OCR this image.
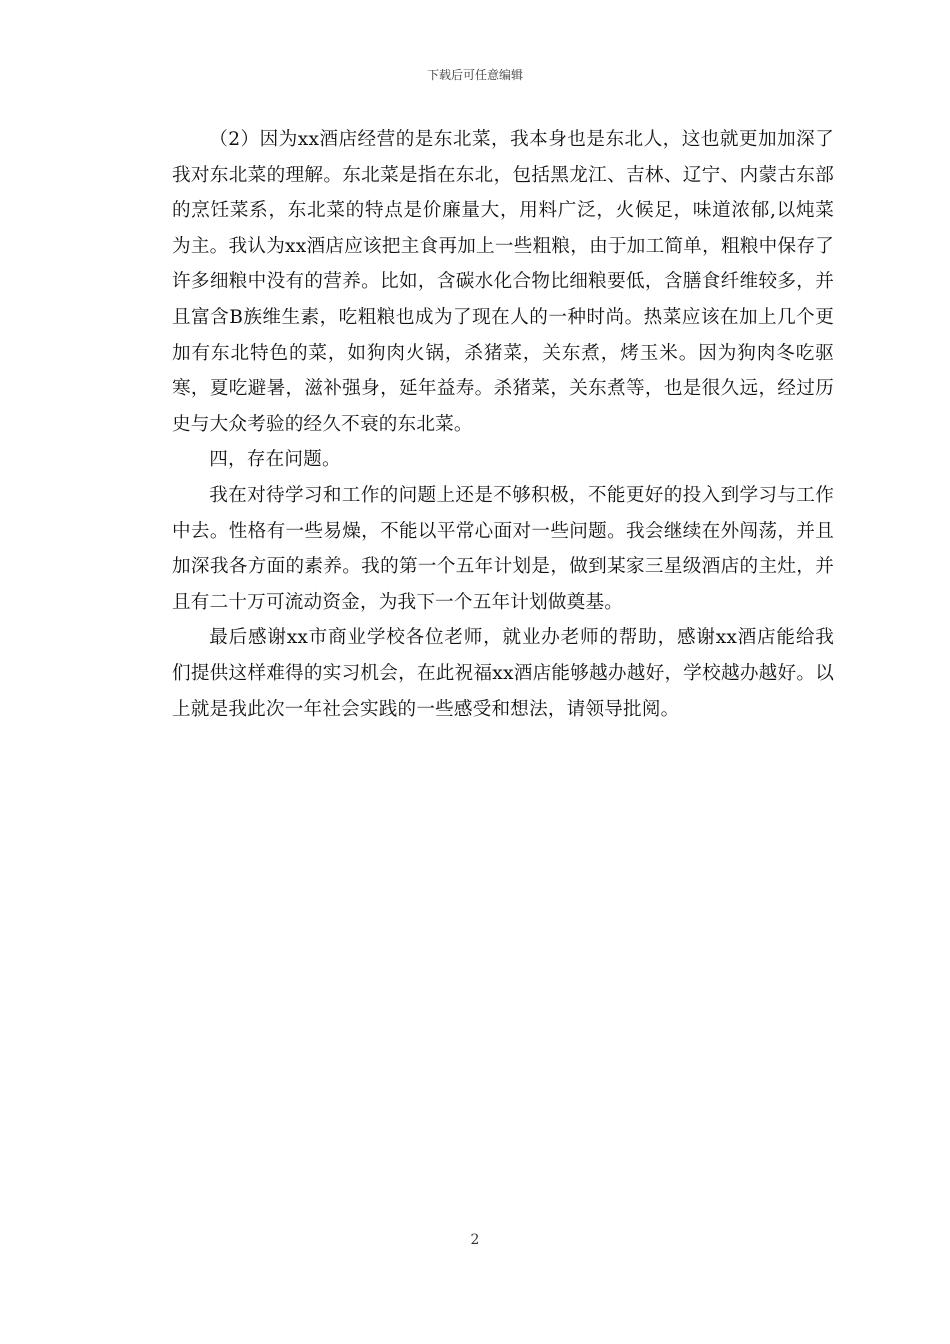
下载后可任意编辑

（2）因为xx酒店经营的是东北菜，我本身也是东北人，这也就更加加深了我对东北菜的理解。东北菜是指在东北，包括黑龙江、吉林、辽宁、内蒙古东部的烹饪菜系，东北菜的特点是价廉量大，用料广泛，火候足，味道浓郁,以炖菜为主。我认为xx酒店应该把主食再加上一些粗粮，由于加工简单，粗粮中保存了许多细粮中没有的营养。比如，含碳水化合物比细粮要低，含膳食纤维较多，并且富含B族维生素，吃粗粮也成为了现在人的一种时尚。热菜应该在加上几个更加有东北特色的菜，如狗肉火锅，杀猪菜，关东煮，烤玉米。因为狗肉冬吃驱寒，夏吃避暑，滋补强身，延年益寿。杀猪菜，关东煮等，也是很久远，经过历史与大众考验的经久不衰的东北菜。

四，存在问题。

我在对待学习和工作的问题上还是不够积极，不能更好的投入到学习与工作中去。性格有一些易燥，不能以平常心面对一些问题。我会继续在外闯荡，并且加深我各方面的素养。我的第一个五年计划是，做到某家三星级酒店的主灶，并且有二十万可流动资金，为我下一个五年计划做奠基。

最后感谢xx市商业学校各位老师，就业办老师的帮助，感谢xx酒店能给我们提供这样难得的实习机会，在此祝福xx酒店能够越办越好，学校越办越好。以上就是我此次一年社会实践的一些感受和想法，请领导批阅。

2
